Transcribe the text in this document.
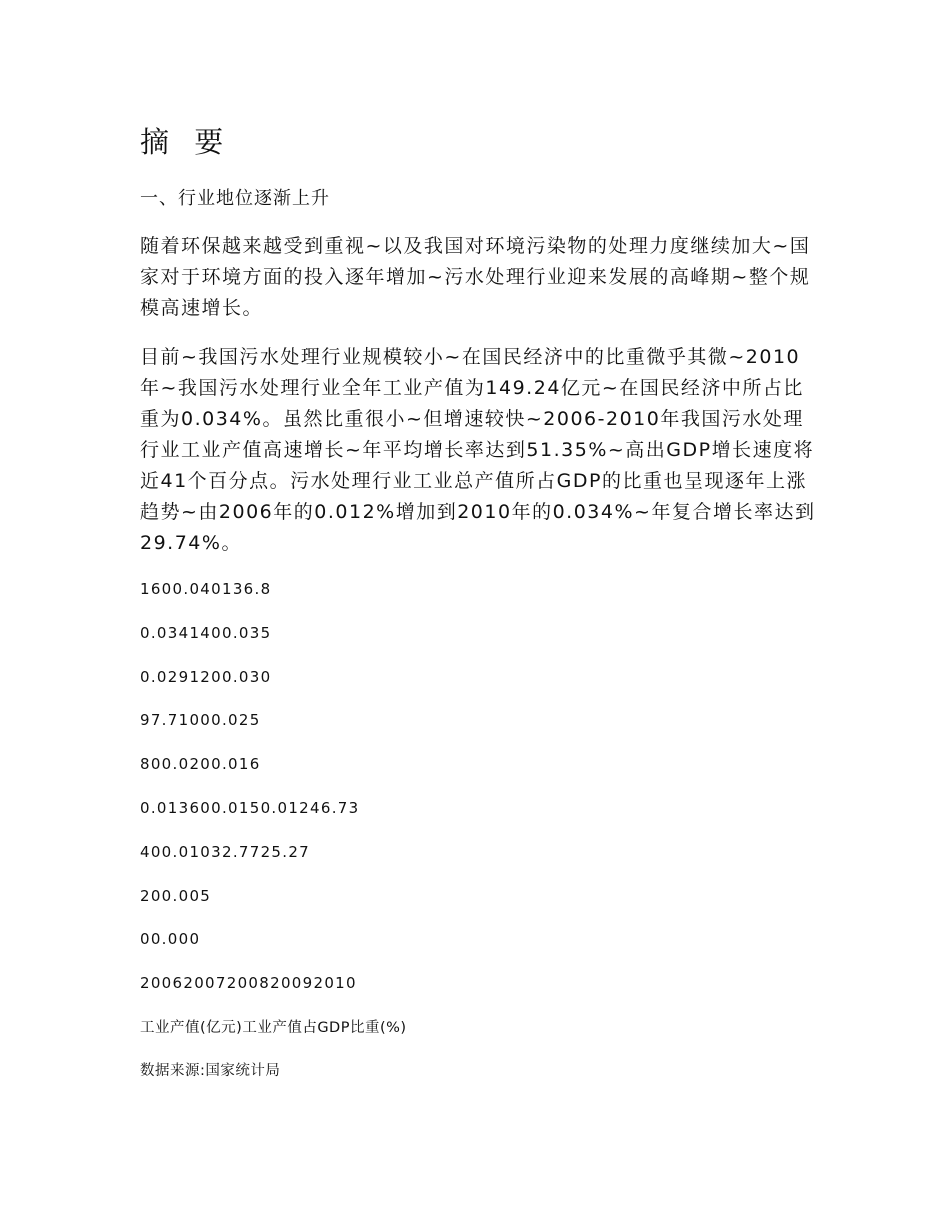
摘 要
一、行业地位逐渐上升

随着环保越来越受到重视~以及我国对环境污染物的处理力度继续加大~国家对于环境方面的投入逐年增加~污水处理行业迎来发展的高峰期~整个规模高速增长。

目前~我国污水处理行业规模较小~在国民经济中的比重微乎其微~2010年~我国污水处理行业全年工业产值为149.24亿元~在国民经济中所占比重为0.034%。虽然比重很小~但增速较快~2006-2010年我国污水处理行业工业产值高速增长~年平均增长率达到51.35%~高出GDP增长速度将近41个百分点。污水处理行业工业总产值所占GDP的比重也呈现逐年上涨趋势~由2006年的0.012%增加到2010年的0.034%~年复合增长率达到29.74%。

1600.040136.8
0.0341400.035
0.0291200.030
97.71000.025
800.0200.016
0.013600.0150.01246.73
400.01032.7725.27
200.005
00.000
20062007200820092010
工业产值(亿元)工业产值占GDP比重(%)
数据来源:国家统计局
